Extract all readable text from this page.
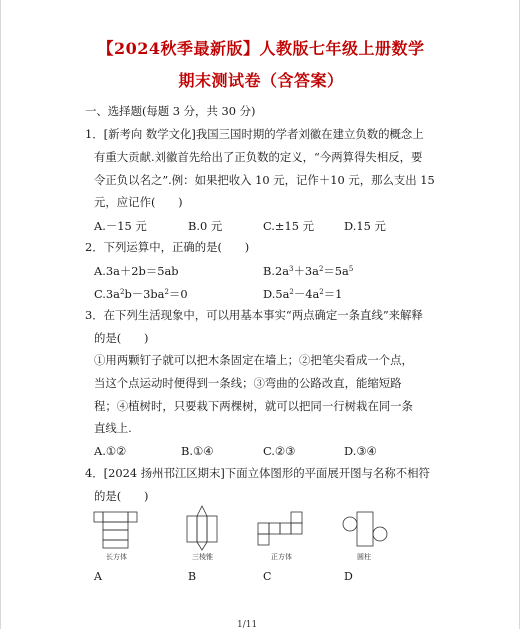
【2024秋季最新版】人教版七年级上册数学
期末测试卷（含答案）
一、选择题(每题 3 分，共 30 分)
1．[新考向 数学文化]我国三国时期的学者刘徽在建立负数的概念上
有重大贡献.刘徽首先给出了正负数的定义，“今两算得失相反，要
令正负以名之”.例：如果把收入 10 元，记作＋10 元，那么支出 15
元，应记作(　　)
A.－15 元	B.0 元	C.±15 元	D.15 元
2．下列运算中，正确的是(　　)
A.3a＋2b＝5ab	$B.2a^3+3a^2=5a^5$
$C.3a^2b-3ba^2=0$	$D.5a^2-4a^2=1$
3．在下列生活现象中，可以用基本事实“两点确定一条直线”来解释
的是(　　)
①用两颗钉子就可以把木条固定在墙上；②把笔尖看成一个点，
当这个点运动时便得到一条线；③弯曲的公路改直，能缩短路
程；④植树时，只要栽下两棵树，就可以把同一行树栽在同一条
直线上.
A.①②	B.①④	C.②③	D.③④
4．[2024 扬州邗江区期末]下面立体图形的平面展开图与名称不相符
的是(　　)
长方体	三棱锥	正方体	圆柱
A	B	C	D
1/11
